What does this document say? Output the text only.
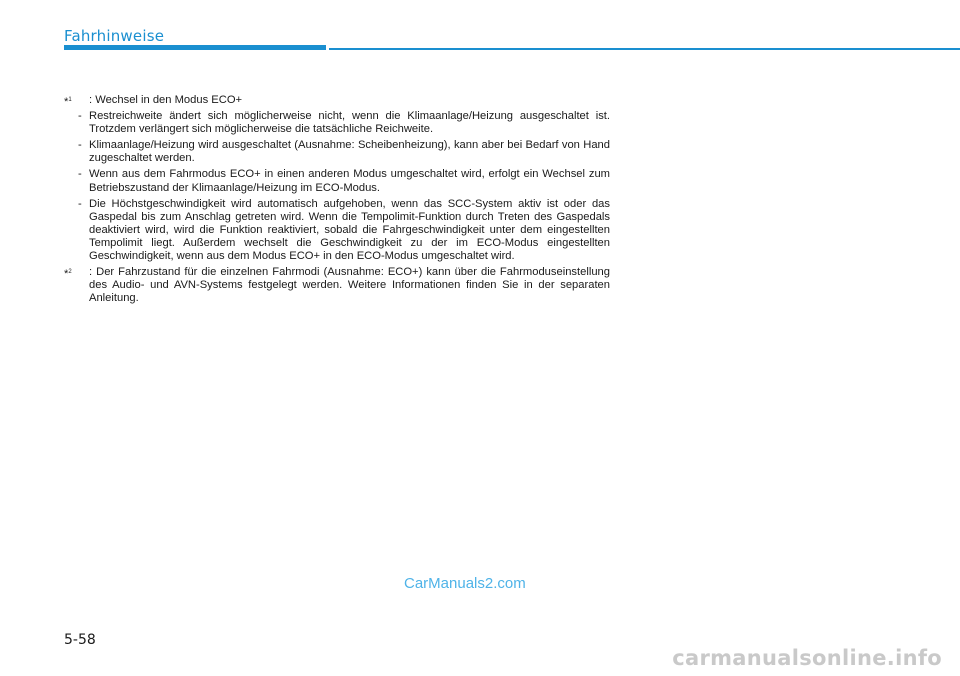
Fahrhinweise
*$^1$ : Wechsel in den Modus ECO+
- Restreichweite ändert sich möglicherweise nicht, wenn die Klimaanlage/Heizung ausgeschaltet ist. Trotzdem verlängert sich möglicherweise die tatsächliche Reichweite.
- Klimaanlage/Heizung wird ausgeschaltet (Ausnahme: Scheibenheizung), kann aber bei Bedarf von Hand zugeschaltet werden.
- Wenn aus dem Fahrmodus ECO+ in einen anderen Modus umgeschaltet wird, erfolgt ein Wechsel zum Betriebszustand der Klimaanlage/Heizung im ECO-Modus.
- Die Höchstgeschwindigkeit wird automatisch aufgehoben, wenn das SCC-System aktiv ist oder das Gaspedal bis zum Anschlag getreten wird. Wenn die Tempolimit-Funktion durch Treten des Gaspedals deaktiviert wird, wird die Funktion reaktiviert, sobald die Fahrgeschwindigkeit unter dem eingestellten Tempolimit liegt. Außerdem wechselt die Geschwindigkeit zu der im ECO-Modus eingestellten Geschwindigkeit, wenn aus dem Modus ECO+ in den ECO-Modus umgeschaltet wird.
*$^2$ : Der Fahrzustand für die einzelnen Fahrmodi (Ausnahme: ECO+) kann über die Fahrmoduseinstellung des Audio- und AVN-Systems festgelegt werden. Weitere Informationen finden Sie in der separaten Anleitung.
CarManuals2.com
5-58
carmanualsonline.info
